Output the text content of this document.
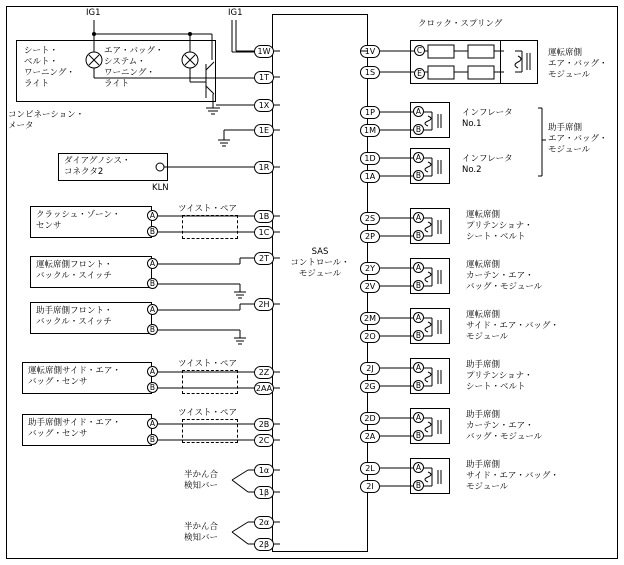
SAS
コントロール・
モジュール
IG1	IG1
クロック・スプリング
シート・
ベルト・
ワーニング・
ライト
エア・バッグ・
システム・
ワーニング・
ライト
コンビネーション・
メータ
ダイアグノシス・
コネクタ2
KLN
クラッシュ・ゾーン・
センサ
A
B
ツイスト・ペア
運転席側フロント・
バックル・スイッチ
A
B
助手席側フロント・
バックル・スイッチ
A
B
運転席側サイド・エア・
バッグ・センサ
A
B
ツイスト・ペア
助手席側サイド・エア・
バッグ・センサ
A
B
ツイスト・ペア
半かん合
検知バー
半かん合
検知バー
1W
1T
1X
1E
1R
1B
1C
2T
2H
2Z
2AA
2B
2C
1α
1β
2α
2β
1V
1S
1P
1M
1D
1A
2S
2P
2Y
2V
2M
2O
2J
2G
2D
2A
2L
2I
C
E
運転席側
エア・バッグ・
モジュール
A
B
インフレータ
No.1
A
B
インフレータ
No.2
助手席側
エア・バッグ・
モジュール
A
B
運転席側
プリテンショナ・
シート・ベルト
A
B
運転席側
カーテン・エア・
バッグ・モジュール
A
B
運転席側
サイド・エア・バッグ・
モジュール
A
B
助手席側
プリテンショナ・
シート・ベルト
A
B
助手席側
カーテン・エア・
バッグ・モジュール
A
B
助手席側
サイド・エア・バッグ・
モジュール
